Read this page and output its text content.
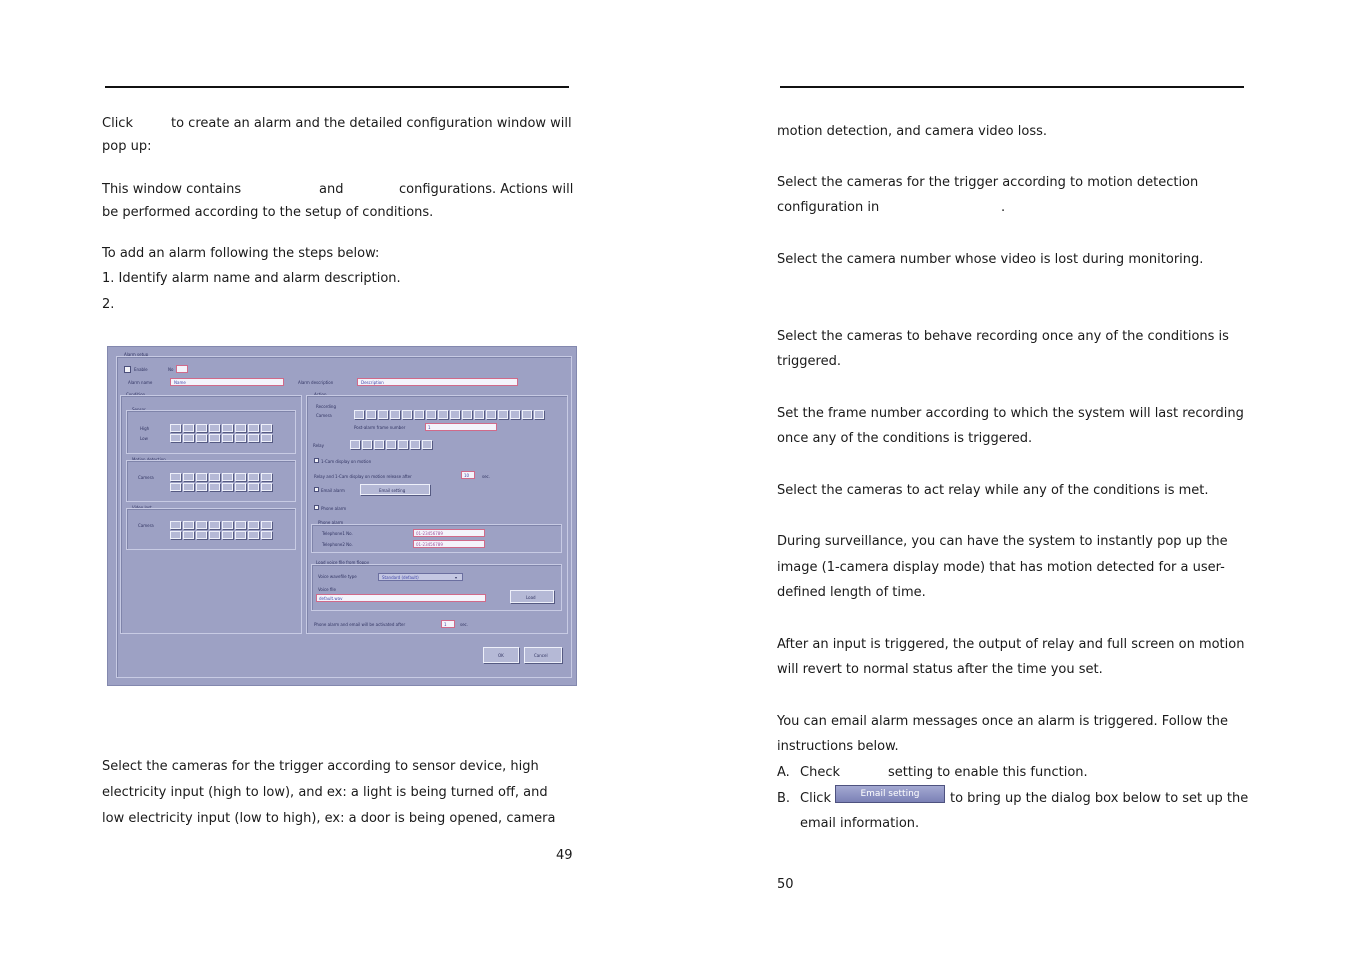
Click	to create an alarm and the detailed configuration window will
pop up:
This window contains	and	configurations. Actions will
be performed according to the setup of conditions.
To add an alarm following the steps below:
1. Identify alarm name and alarm description.
2.
Alarm setup
Enable	No
Alarm name	Name	Alarm description	Description
Condition
Sensor
High
Low
Motion detection
Camera
Video lost
Camera
Action
Recording
Camera
Post-alarm frame number	1
Relay
1-Cam display on motion
Relay and 1-Cam display on motion release after	10	sec.
Email alarm	Email setting
Phone alarm
Phone alarm
Telephone1 No.	01-23456789
Telephone2 No.	01-23456789
Load voice file from floppy
Voice wavefile type	Standard (default)	▾
Voice file
default.wav	Load
Phone alarm and email will be activated after	1	sec.
OK	Cancel
Select the cameras for the trigger according to sensor device, high
electricity input (high to low), and ex: a light is being turned off, and
low electricity input (low to high), ex: a door is being opened, camera
49
motion detection, and camera video loss.
Select the cameras for the trigger according to motion detection
configuration in	.
Select the camera number whose video is lost during monitoring.
Select the cameras to behave recording once any of the conditions is
triggered.
Set the frame number according to which the system will last recording
once any of the conditions is triggered.
Select the cameras to act relay while any of the conditions is met.
During surveillance, you can have the system to instantly pop up the
image (1-camera display mode) that has motion detected for a user-
defined length of time.
After an input is triggered, the output of relay and full screen on motion
will revert to normal status after the time you set.
You can email alarm messages once an alarm is triggered. Follow the
instructions below.
A. Check	setting to enable this function.
B. Click	Email setting	to bring up the dialog box below to set up the
email information.
50
